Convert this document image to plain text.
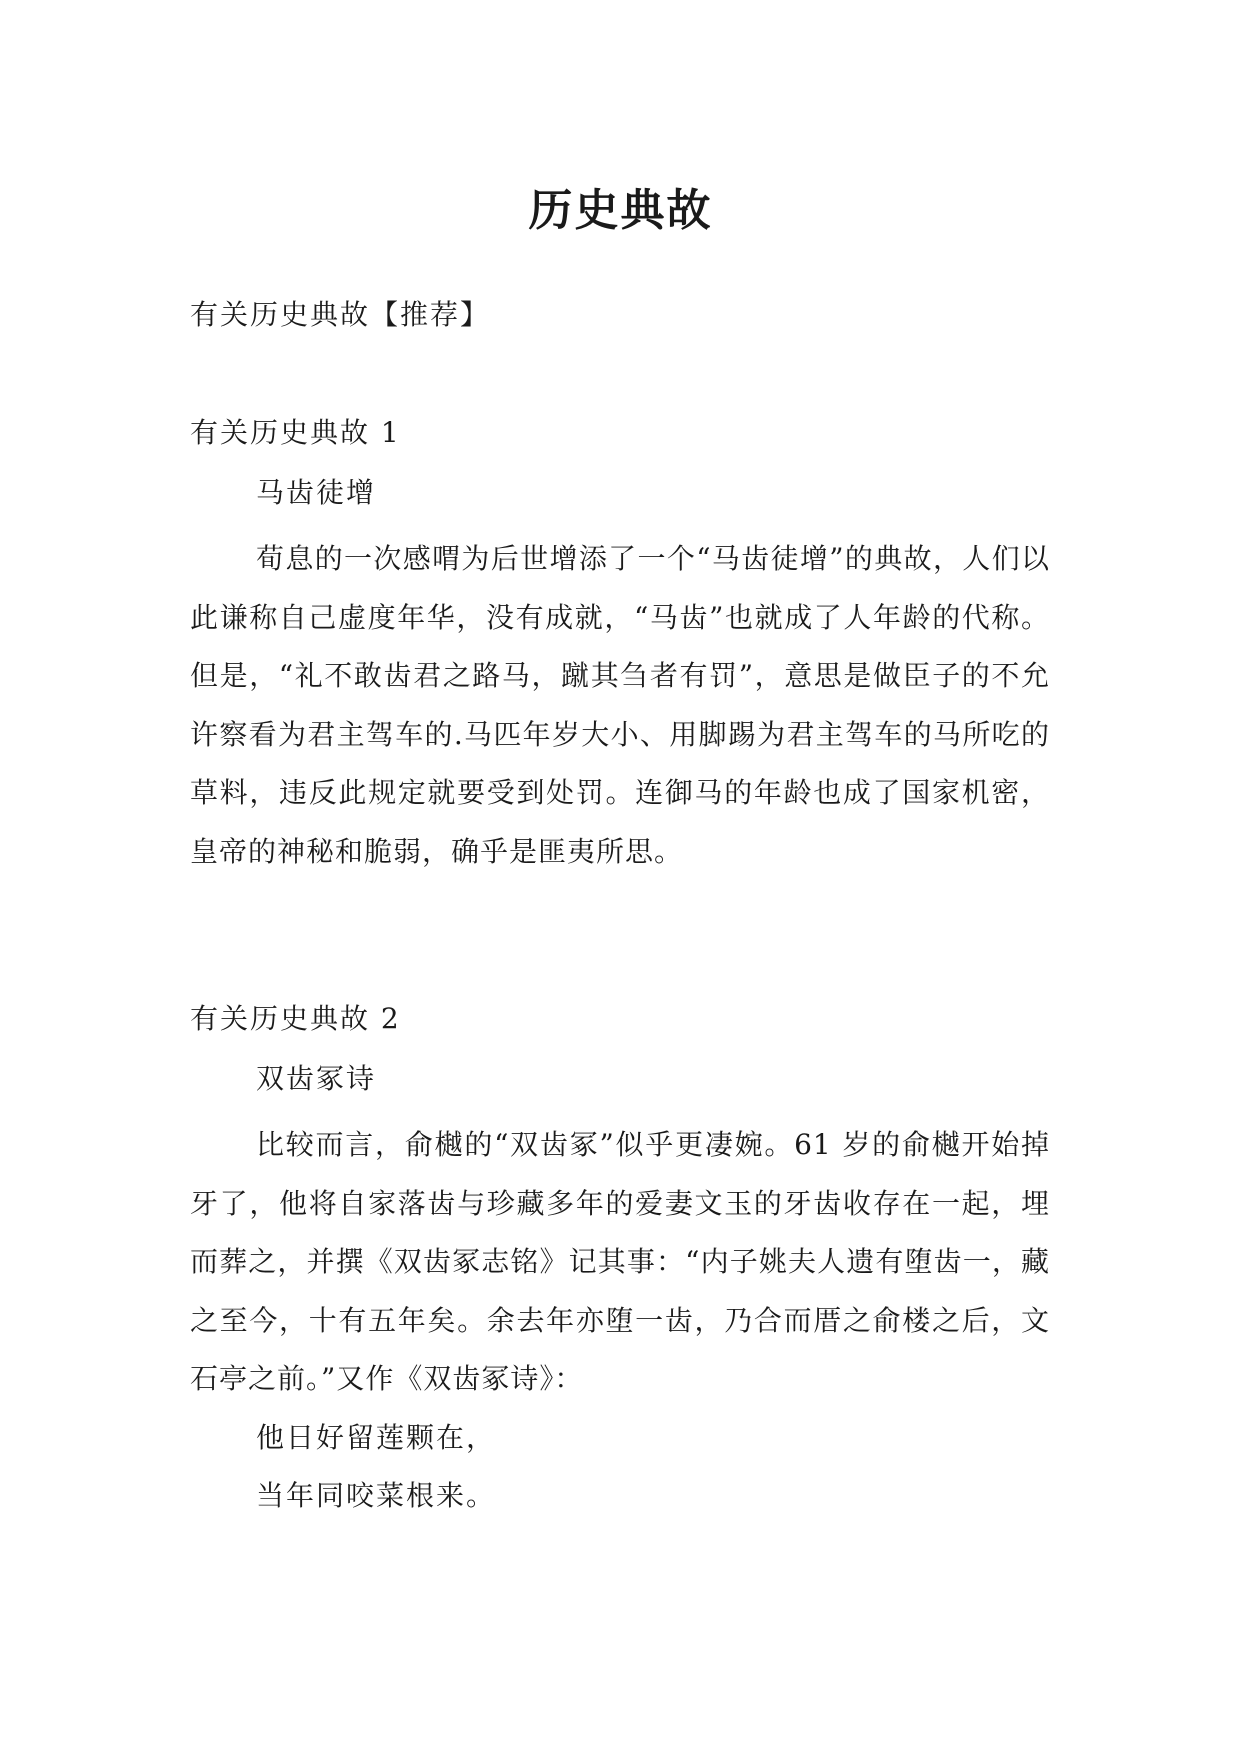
历史典故
有关历史典故【推荐】

有关历史典故 1

马齿徒增

荀息的一次感喟为后世增添了一个“马齿徒增”的典故，人们以此谦称自己虚度年华，没有成就，“马齿”也就成了人年龄的代称。但是，“礼不敢齿君之路马，蹴其刍者有罚”，意思是做臣子的不允许察看为君主驾车的.马匹年岁大小、用脚踢为君主驾车的马所吃的草料，违反此规定就要受到处罚。连御马的年龄也成了国家机密，皇帝的神秘和脆弱，确乎是匪夷所思。

有关历史典故 2

双齿冢诗

比较而言，俞樾的“双齿冢”似乎更凄婉。61 岁的俞樾开始掉牙了，他将自家落齿与珍藏多年的爱妻文玉的牙齿收存在一起，埋而葬之，并撰《双齿冢志铭》记其事：“内子姚夫人遗有堕齿一，藏之至今，十有五年矣。余去年亦堕一齿，乃合而厝之俞楼之后，文石亭之前。”又作《双齿冢诗》：

他日好留莲颗在，

当年同咬菜根来。
